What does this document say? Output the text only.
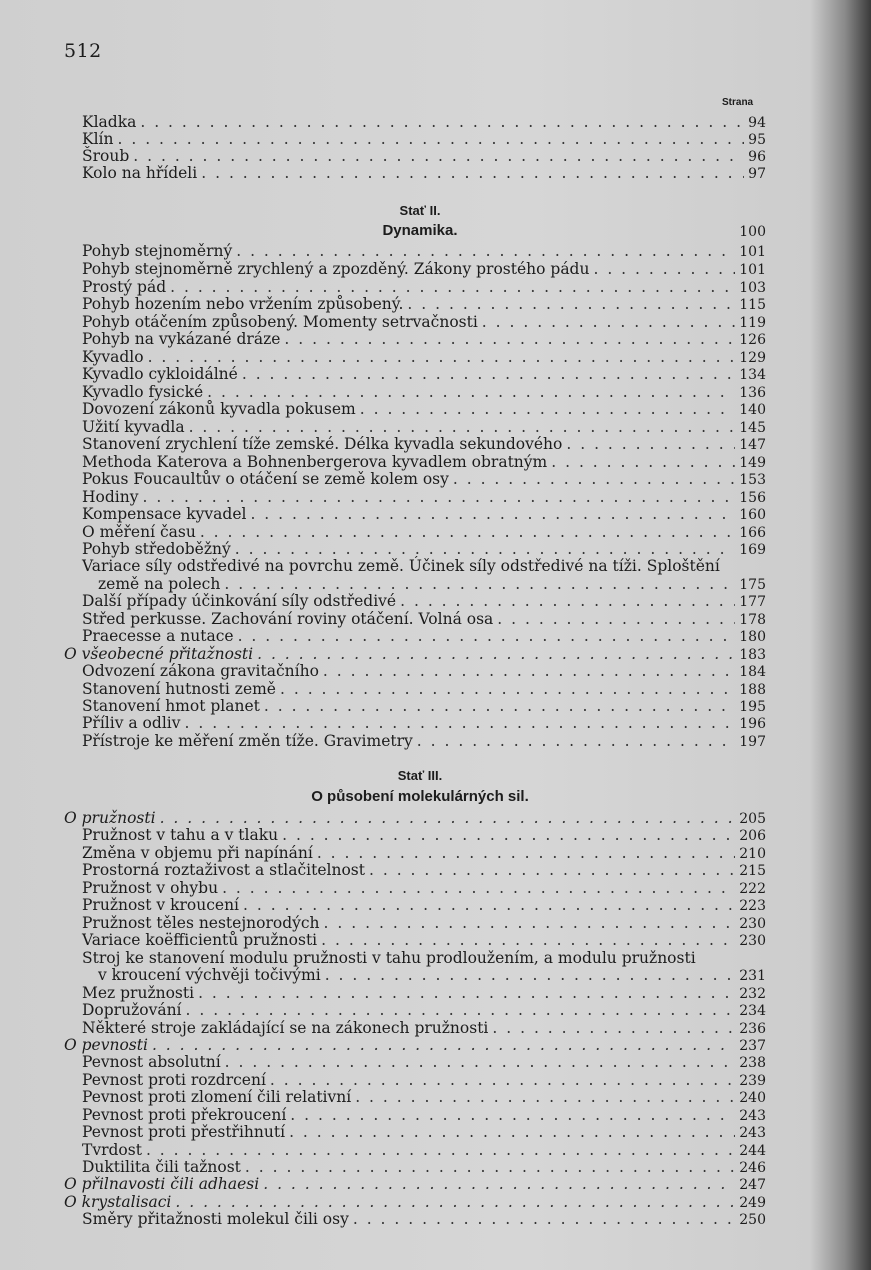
512
Strana
Kladka . . .	94
Klín . . .	95
Šroub . . .	96
Kolo na hřídeli . . .	97
Stať II.
Dynamika.	100
Pohyb stejnoměrný . . .	101
Pohyb stejnoměrně zrychlený a zpozděný. Zákony prostého pádu . . .	101
Prostý pád . . .	103
Pohyb hozením nebo vržením způsobený. . . .	115
Pohyb otáčením způsobený. Momenty setrvačnosti . . .	119
Pohyb na vykázané dráze . . .	126
Kyvadlo . . .	129
Kyvadlo cykloidálné . . .	134
Kyvadlo fysické . . .	136
Dovození zákonů kyvadla pokusem . . .	140
Užití kyvadla . . .	145
Stanovení zrychlení tíže zemské. Délka kyvadla sekundového . . .	147
Methoda Katerova a Bohnenbergerova kyvadlem obratným . . .	149
Pokus Foucaultův o otáčení se země kolem osy . . .	153
Hodiny . . .	156
Kompensace kyvadel . . .	160
O měření času . . .	166
Pohyb středoběžný . . .	169
Variace síly odstředivé na povrchu země. Účinek síly odstředivé na tíži. Sploštění
země na polech . . .	175
Další případy účinkování síly odstředivé . . .	177
Střed perkusse. Zachování roviny otáčení. Volná osa . . .	178
Praecesse a nutace . . .	180
O všeobecné přitažnosti . . .	183
Odvození zákona gravitačního . . .	184
Stanovení hutnosti země . . .	188
Stanovení hmot planet . . .	195
Příliv a odliv . . .	196
Přístroje ke měření změn tíže. Gravimetry . . .	197
Stať III.
O působení molekulárných sil.
O pružnosti . . .	205
Pružnost v tahu a v tlaku . . .	206
Změna v objemu při napínání . . .	210
Prostorná roztaživost a stlačitelnost . . .	215
Pružnost v ohybu . . .	222
Pružnost v kroucení . . .	223
Pružnost těles nestejnorodých . . .	230
Variace koëfficientů pružnosti . . .	230
Stroj ke stanovení modulu pružnosti v tahu prodloužením, a modulu pružnosti
v kroucení výchvěji točivými . . .	231
Mez pružnosti . . .	232
Dopružování . . .	234
Některé stroje zakládající se na zákonech pružnosti . . .	236
O pevnosti . . .	237
Pevnost absolutní . . .	238
Pevnost proti rozdrcení . . .	239
Pevnost proti zlomení čili relativní . . .	240
Pevnost proti překroucení . . .	243
Pevnost proti přestřihnutí . . .	243
Tvrdost . . .	244
Duktilita čili tažnost . . .	246
O přilnavosti čili adhaesi . . .	247
O krystalisaci . . .	249
Směry přitažnosti molekul čili osy . . .	250
